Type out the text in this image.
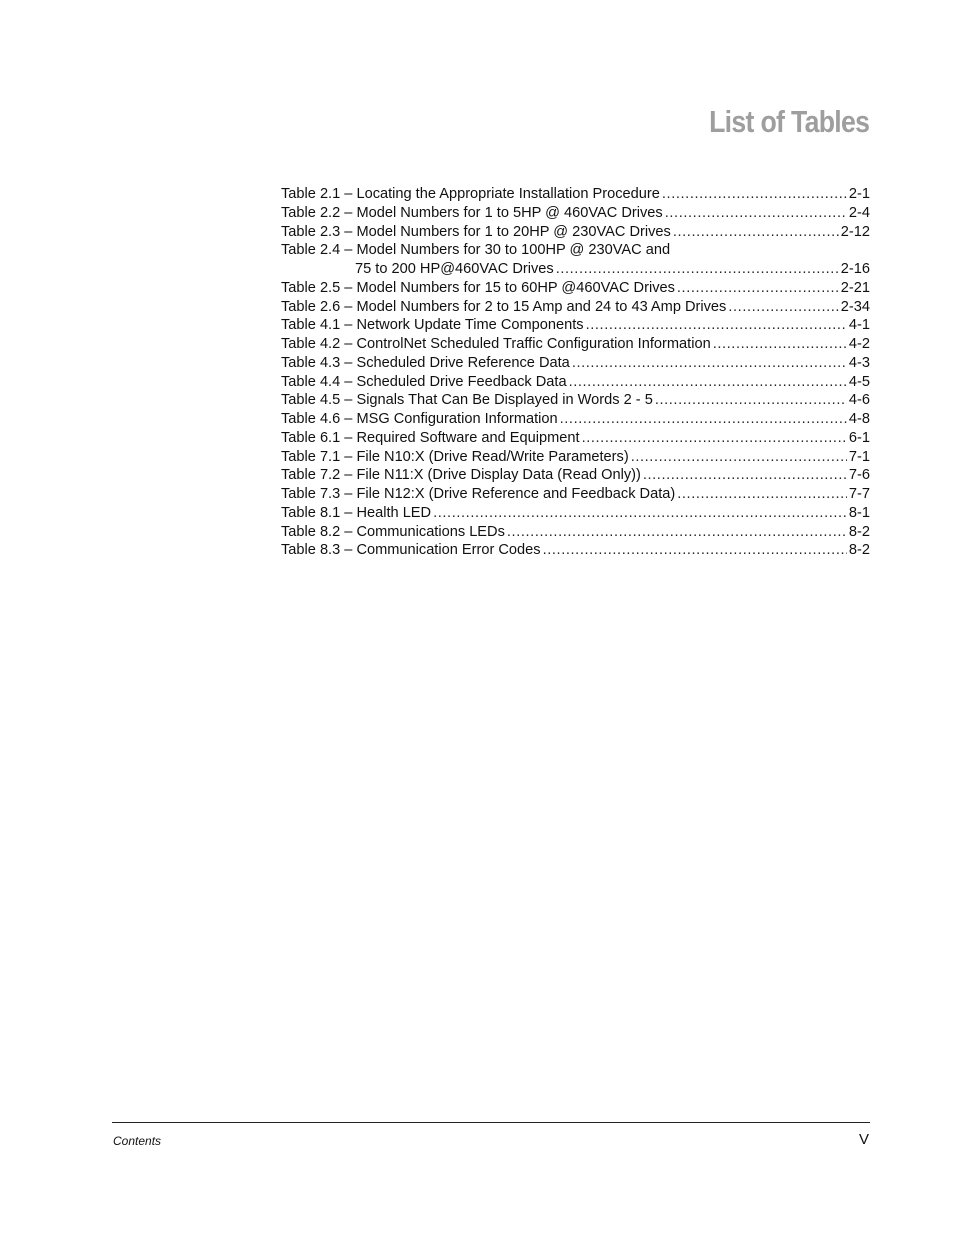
List of Tables
Table 2.1 – Locating the Appropriate Installation Procedure .....	2-1
Table 2.2 – Model Numbers for 1 to 5HP @ 460VAC Drives .....	2-4
Table 2.3 – Model Numbers for 1 to 20HP @ 230VAC Drives .....	2-12
Table 2.4 – Model Numbers for 30 to 100HP @ 230VAC and
75 to 200 HP@460VAC Drives .....	2-16
Table 2.5 – Model Numbers for 15 to 60HP @460VAC Drives .....	2-21
Table 2.6 – Model Numbers for 2 to 15 Amp and 24 to 43 Amp Drives .....	2-34
Table 4.1 – Network Update Time Components .....	4-1
Table 4.2 – ControlNet Scheduled Traffic Configuration Information .....	4-2
Table 4.3 – Scheduled Drive Reference Data .....	4-3
Table 4.4 – Scheduled Drive Feedback Data .....	4-5
Table 4.5 – Signals That Can Be Displayed in Words 2 - 5 .....	4-6
Table 4.6 – MSG Configuration Information .....	4-8
Table 6.1 – Required Software and Equipment .....	6-1
Table 7.1 – File N10:X (Drive Read/Write Parameters) .....	7-1
Table 7.2 – File N11:X (Drive Display Data (Read Only)) .....	7-6
Table 7.3 – File N12:X (Drive Reference and Feedback Data) .....	7-7
Table 8.1 – Health LED .....	8-1
Table 8.2 – Communications LEDs .....	8-2
Table 8.3 – Communication Error Codes .....	8-2
Contents	V
